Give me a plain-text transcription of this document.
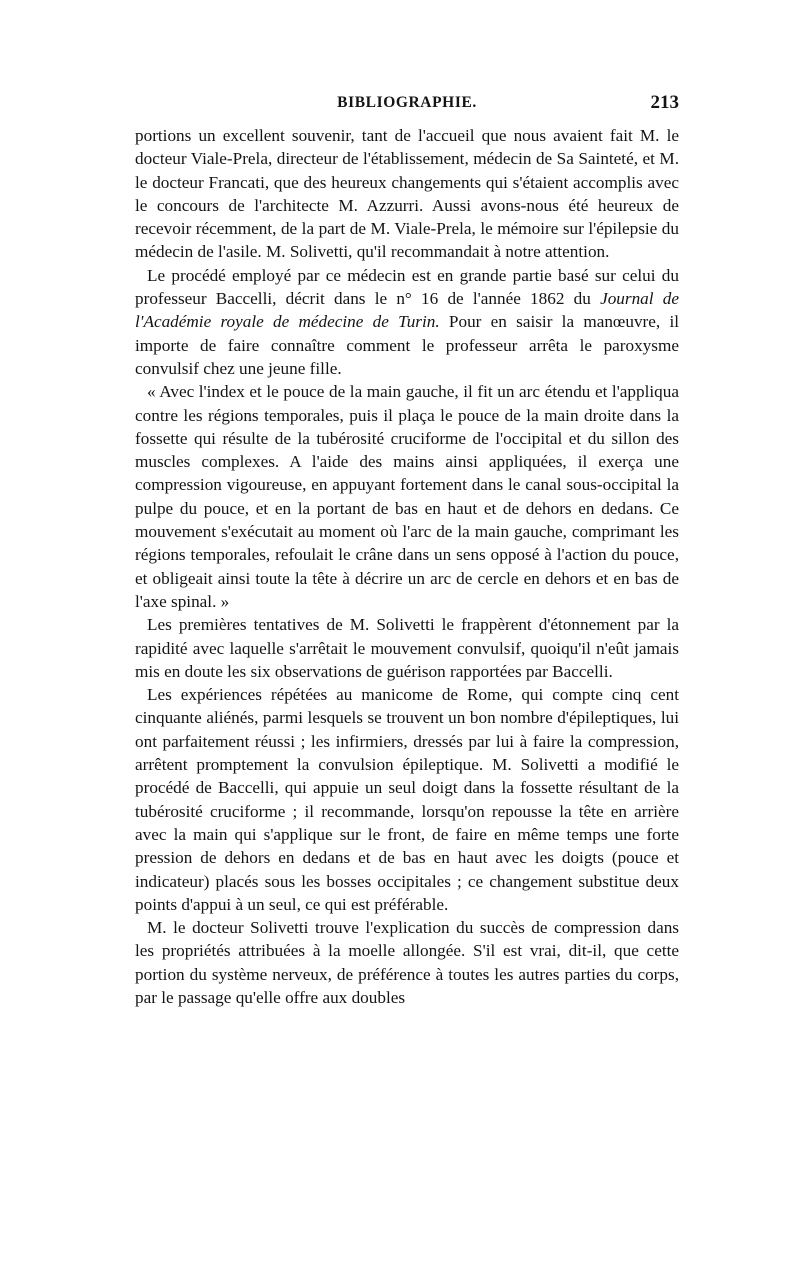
BIBLIOGRAPHIE.	213

portions un excellent souvenir, tant de l'accueil que nous avaient fait M. le docteur Viale-Prela, directeur de l'établissement, médecin de Sa Sainteté, et M. le docteur Francati, que des heureux changements qui s'étaient accomplis avec le concours de l'architecte M. Azzurri. Aussi avons-nous été heureux de recevoir récemment, de la part de M. Viale-Prela, le mémoire sur l'épilepsie du médecin de l'asile. M. Solivetti, qu'il recommandait à notre attention.

Le procédé employé par ce médecin est en grande partie basé sur celui du professeur Baccelli, décrit dans le n° 16 de l'année 1862 du Journal de l'Académie royale de médecine de Turin. Pour en saisir la manœuvre, il importe de faire connaître comment le professeur arrêta le paroxysme convulsif chez une jeune fille.

« Avec l'index et le pouce de la main gauche, il fit un arc étendu et l'appliqua contre les régions temporales, puis il plaça le pouce de la main droite dans la fossette qui résulte de la tubérosité cruciforme de l'occipital et du sillon des muscles complexes. A l'aide des mains ainsi appliquées, il exerça une compression vigoureuse, en appuyant fortement dans le canal sous-occipital la pulpe du pouce, et en la portant de bas en haut et de dehors en dedans. Ce mouvement s'exécutait au moment où l'arc de la main gauche, comprimant les régions temporales, refoulait le crâne dans un sens opposé à l'action du pouce, et obligeait ainsi toute la tête à décrire un arc de cercle en dehors et en bas de l'axe spinal. »

Les premières tentatives de M. Solivetti le frappèrent d'étonnement par la rapidité avec laquelle s'arrêtait le mouvement convulsif, quoiqu'il n'eût jamais mis en doute les six observations de guérison rapportées par Baccelli.

Les expériences répétées au manicome de Rome, qui compte cinq cent cinquante aliénés, parmi lesquels se trouvent un bon nombre d'épileptiques, lui ont parfaitement réussi ; les infirmiers, dressés par lui à faire la compression, arrêtent promptement la convulsion épileptique. M. Solivetti a modifié le procédé de Baccelli, qui appuie un seul doigt dans la fossette résultant de la tubérosité cruciforme ; il recommande, lorsqu'on repousse la tête en arrière avec la main qui s'applique sur le front, de faire en même temps une forte pression de dehors en dedans et de bas en haut avec les doigts (pouce et indicateur) placés sous les bosses occipitales ; ce changement substitue deux points d'appui à un seul, ce qui est préférable.

M. le docteur Solivetti trouve l'explication du succès de compression dans les propriétés attribuées à la moelle allongée. S'il est vrai, dit-il, que cette portion du système nerveux, de préférence à toutes les autres parties du corps, par le passage qu'elle offre aux doubles
